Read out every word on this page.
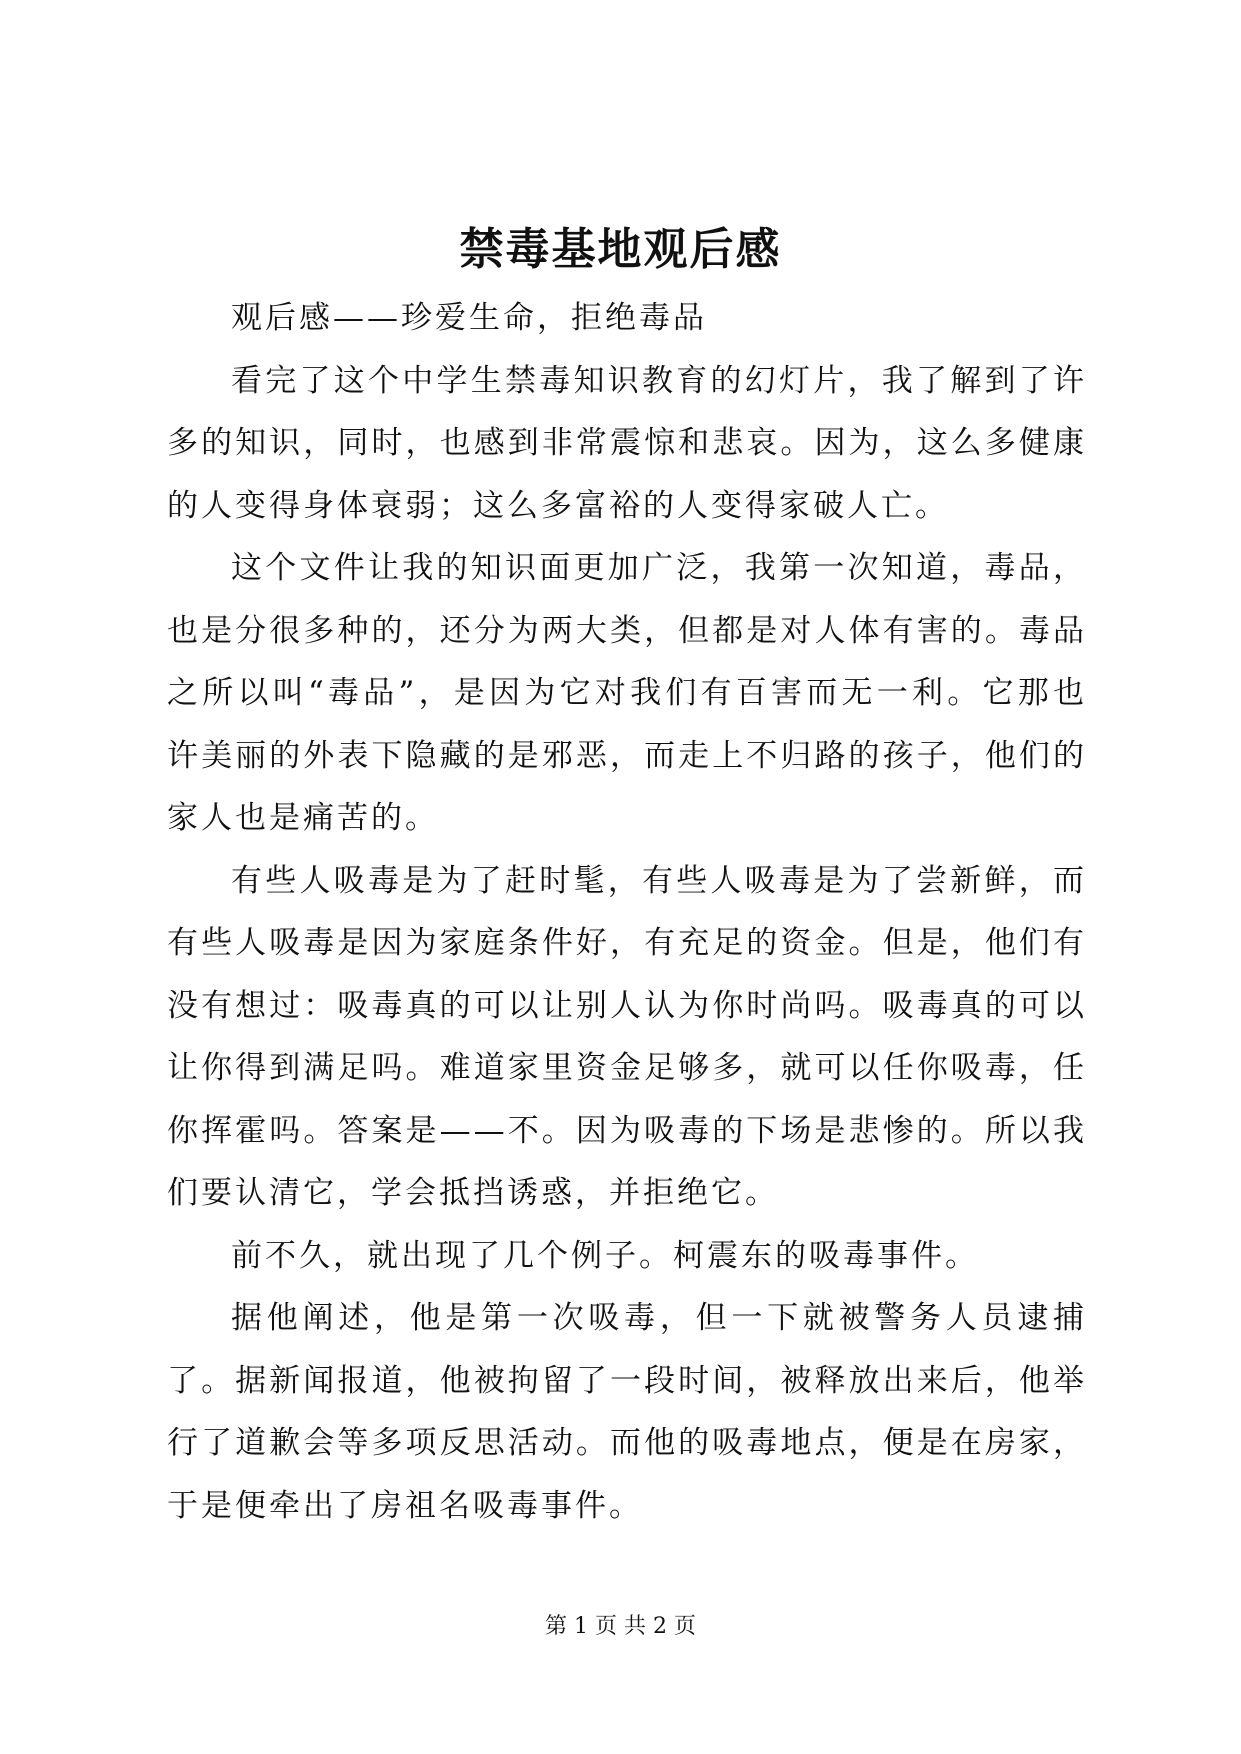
禁毒基地观后感

观后感——珍爱生命，拒绝毒品

看完了这个中学生禁毒知识教育的幻灯片，我了解到了许多的知识，同时，也感到非常震惊和悲哀。因为，这么多健康的人变得身体衰弱；这么多富裕的人变得家破人亡。

这个文件让我的知识面更加广泛，我第一次知道，毒品，也是分很多种的，还分为两大类，但都是对人体有害的。毒品之所以叫“毒品”，是因为它对我们有百害而无一利。它那也许美丽的外表下隐藏的是邪恶，而走上不归路的孩子，他们的家人也是痛苦的。

有些人吸毒是为了赶时髦，有些人吸毒是为了尝新鲜，而有些人吸毒是因为家庭条件好，有充足的资金。但是，他们有没有想过：吸毒真的可以让别人认为你时尚吗。吸毒真的可以让你得到满足吗。难道家里资金足够多，就可以任你吸毒，任你挥霍吗。答案是——不。因为吸毒的下场是悲惨的。所以我们要认清它，学会抵挡诱惑，并拒绝它。

前不久，就出现了几个例子。柯震东的吸毒事件。

据他阐述，他是第一次吸毒，但一下就被警务人员逮捕了。据新闻报道，他被拘留了一段时间，被释放出来后，他举行了道歉会等多项反思活动。而他的吸毒地点，便是在房家，于是便牵出了房祖名吸毒事件。

第 1 页 共 2 页
